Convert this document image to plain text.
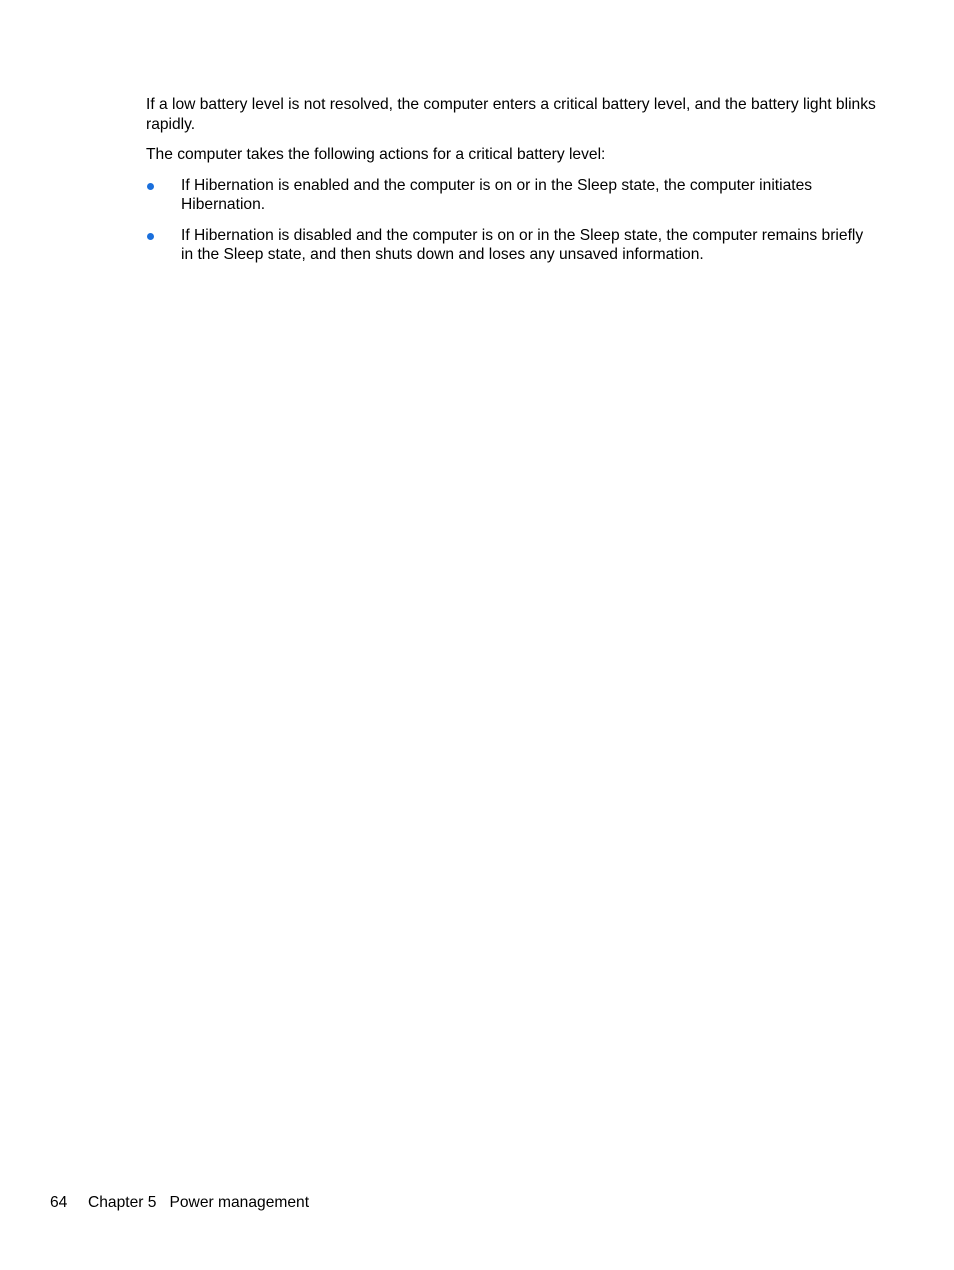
If a low battery level is not resolved, the computer enters a critical battery level, and the battery light blinks rapidly.

The computer takes the following actions for a critical battery level:

If Hibernation is enabled and the computer is on or in the Sleep state, the computer initiates Hibernation.
If Hibernation is disabled and the computer is on or in the Sleep state, the computer remains briefly in the Sleep state, and then shuts down and loses any unsaved information.
64 Chapter 5 Power management
